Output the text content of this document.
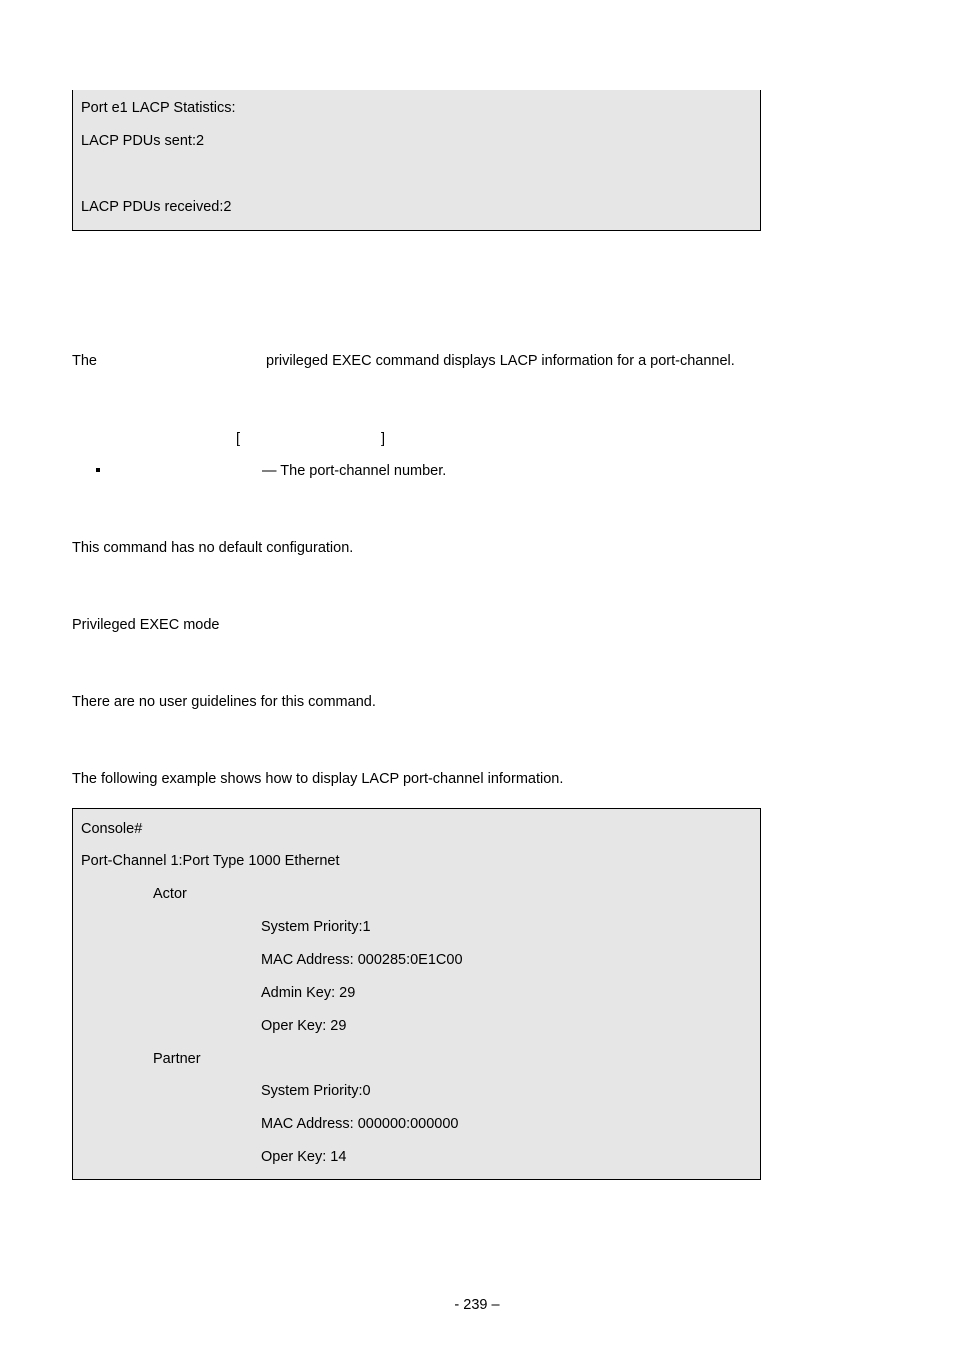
Port e1 LACP Statistics:
LACP PDUs sent:2
LACP PDUs received:2
The	privileged EXEC command displays LACP information for a port-channel.
[	]
— The port-channel number.
This command has no default configuration.
Privileged EXEC mode
There are no user guidelines for this command.
The following example shows how to display LACP port-channel information.
Console#
Port-Channel 1:Port Type 1000 Ethernet
Actor
System Priority:1
MAC Address: 000285:0E1C00
Admin Key: 29
Oper Key: 29
Partner
System Priority:0
MAC Address: 000000:000000
Oper Key: 14
- 239 –
